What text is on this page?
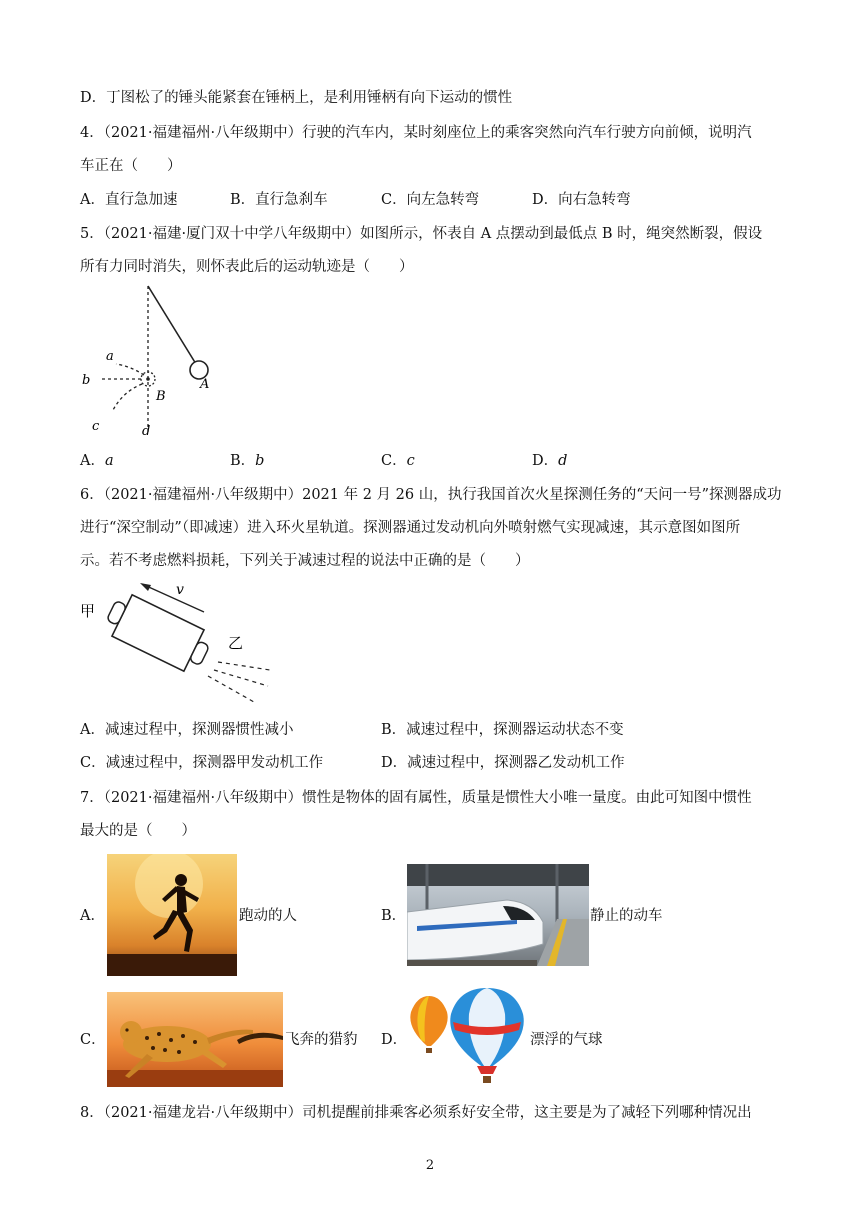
D．丁图松了的锤头能紧套在锤柄上，是利用锤柄有向下运动的惯性
4．（2021·福建福州·八年级期中）行驶的汽车内，某时刻座位上的乘客突然向汽车行驶方向前倾，说明汽
车正在（　　）
A．直行急加速	B．直行急刹车	C．向左急转弯	D．向右急转弯
5．（2021·福建·厦门双十中学八年级期中）如图所示，怀表自 A 点摆动到最低点 B 时，绳突然断裂，假设
所有力同时消失，则怀表此后的运动轨迹是（　　）
a
b
c	d
B
A
A．a	B．b	C．c	D．d
6．（2021·福建福州·八年级期中）2021 年 2 月 26 山，执行我国首次火星探测任务的“天问一号”探测器成功
进行“深空制动”（即减速）进入环火星轨道。探测器通过发动机向外喷射燃气实现减速，其示意图如图所
示。若不考虑燃料损耗，下列关于减速过程的说法中正确的是（　　）
甲
v
乙
A．减速过程中，探测器惯性减小	B．减速过程中，探测器运动状态不变
C．减速过程中，探测器甲发动机工作	D．减速过程中，探测器乙发动机工作
7．（2021·福建福州·八年级期中）惯性是物体的固有属性，质量是惯性大小唯一量度。由此可知图中惯性
最大的是（　　）
A．	跑动的人	B．	静止的动车
C．	飞奔的猎豹 D．	漂浮的气球
8．（2021·福建龙岩·八年级期中）司机提醒前排乘客必须系好安全带，这主要是为了减轻下列哪种情况出
2
